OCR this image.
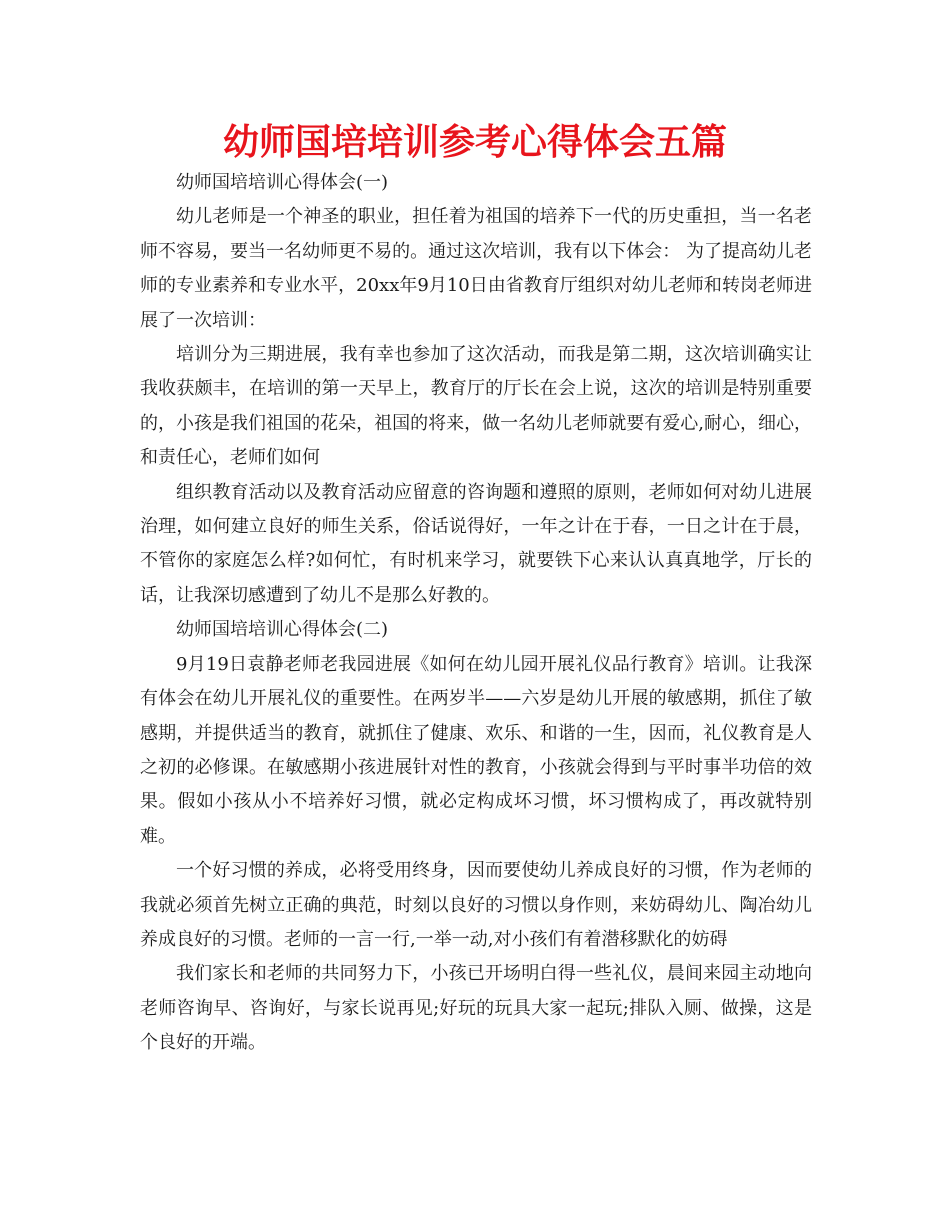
幼师国培培训参考心得体会五篇

幼师国培培训心得体会(一)

幼儿老师是一个神圣的职业，担任着为祖国的培养下一代的历史重担，当一名老师不容易，要当一名幼师更不易的。通过这次培训，我有以下体会： 为了提高幼儿老师的专业素养和专业水平，20xx年9月10日由省教育厅组织对幼儿老师和转岗老师进展了一次培训：

培训分为三期进展，我有幸也参加了这次活动，而我是第二期，这次培训确实让我收获颇丰，在培训的第一天早上，教育厅的厅长在会上说，这次的培训是特别重要的，小孩是我们祖国的花朵，祖国的将来，做一名幼儿老师就要有爱心,耐心，细心，和责任心，老师们如何

组织教育活动以及教育活动应留意的咨询题和遵照的原则，老师如何对幼儿进展治理，如何建立良好的师生关系，俗话说得好，一年之计在于春，一日之计在于晨，不管你的家庭怎么样?如何忙，有时机来学习，就要铁下心来认认真真地学，厅长的话，让我深切感遭到了幼儿不是那么好教的。

幼师国培培训心得体会(二)

9月19日袁静老师老我园进展《如何在幼儿园开展礼仪品行教育》培训。让我深有体会在幼儿开展礼仪的重要性。在两岁半——六岁是幼儿开展的敏感期，抓住了敏感期，并提供适当的教育，就抓住了健康、欢乐、和谐的一生，因而，礼仪教育是人之初的必修课。在敏感期小孩进展针对性的教育，小孩就会得到与平时事半功倍的效果。假如小孩从小不培养好习惯，就必定构成坏习惯，坏习惯构成了，再改就特别难。

一个好习惯的养成，必将受用终身，因而要使幼儿养成良好的习惯，作为老师的我就必须首先树立正确的典范，时刻以良好的习惯以身作则，来妨碍幼儿、陶冶幼儿养成良好的习惯。老师的一言一行,一举一动,对小孩们有着潜移默化的妨碍

我们家长和老师的共同努力下，小孩已开场明白得一些礼仪，晨间来园主动地向老师咨询早、咨询好，与家长说再见;好玩的玩具大家一起玩;排队入厕、做操，这是个良好的开端。
